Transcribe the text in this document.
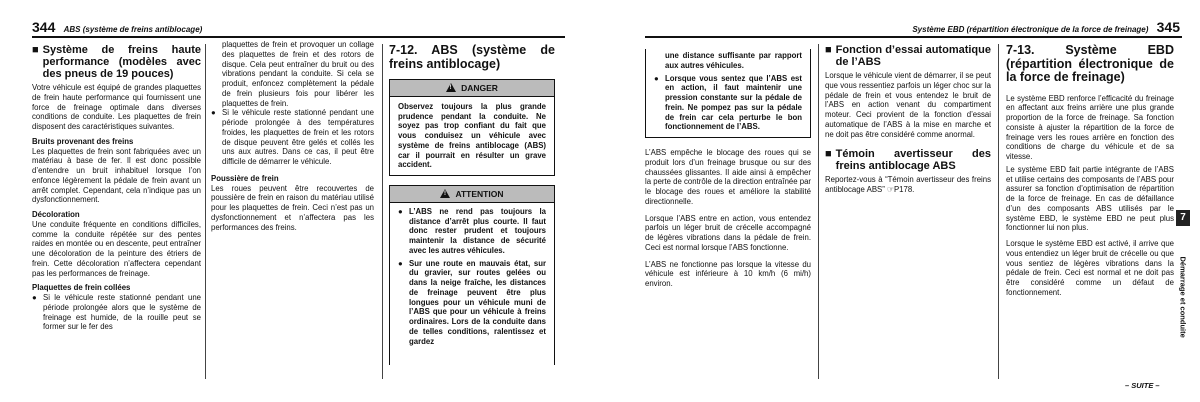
344 ABS (système de freins antiblocage)
■ Système de freins haute performance (modèles avec des pneus de 19 pouces)

Votre véhicule est équipé de grandes plaquettes de frein haute performance qui fournissent une force de freinage optimale dans diverses conditions de conduite. Les plaquettes de frein disposent des caractéristiques suivantes.

Bruits provenant des freins

Les plaquettes de frein sont fabriquées avec un matériau à base de fer. Il est donc possible d’entendre un bruit inhabituel lorsque l’on enfonce légèrement la pédale de frein avant un arrêt complet. Cependant, cela n’indique pas un dysfonctionnement.

Décoloration

Une conduite fréquente en conditions difficiles, comme la conduite répétée sur des pentes raides en montée ou en descente, peut entraîner une décoloration de la peinture des étriers de frein. Cette décoloration n’affectera cependant pas les performances de freinage.

Plaquettes de frein collées
● Si le véhicule reste stationné pendant une période prolongée alors que le système de freinage est humide, de la rouille peut se former sur le fer des

plaquettes de frein et provoquer un collage des plaquettes de frein et des rotors de disque. Cela peut entraîner du bruit ou des vibrations pendant la conduite. Si cela se produit, enfoncez complètement la pédale de frein plusieurs fois pour libérer les plaquettes de frein.

● Si le véhicule reste stationné pendant une période prolongée à des températures froides, les plaquettes de frein et les rotors de disque peuvent être gelés et collés les uns aux autres. Dans ce cas, il peut être difficile de démarrer le véhicule.
Poussière de frein

Les roues peuvent être recouvertes de poussière de frein en raison du matériau utilisé pour les plaquettes de frein. Ceci n’est pas un dysfonctionnement et n’affectera pas les performances des freins.

7-12. ABS (système de freins antiblocage)
!DANGER
Observez toujours la plus grande prudence pendant la conduite. Ne soyez pas trop confiant du fait que vous conduisez un véhicule avec système de freins antiblocage (ABS) car il pourrait en résulter un grave accident.
!ATTENTION
● L’ABS ne rend pas toujours la distance d’arrêt plus courte. Il faut donc rester prudent et toujours maintenir la distance de sécurité avec les autres véhicules.
● Sur une route en mauvais état, sur du gravier, sur routes gelées ou dans la neige fraîche, les distances de freinage peuvent être plus longues pour un véhicule muni de l’ABS que pour un véhicule à freins ordinaires. Lors de la conduite dans de telles conditions, ralentissez et gardez
Système EBD (répartition électronique de la force de freinage) 345
une distance suffisante par rapport aux autres véhicules.
● Lorsque vous sentez que l’ABS est en action, il faut maintenir une pression constante sur la pédale de frein. Ne pompez pas sur la pédale de frein car cela perturbe le bon fonctionnement de l’ABS.

L’ABS empêche le blocage des roues qui se produit lors d’un freinage brusque ou sur des chaussées glissantes. Il aide ainsi à empêcher la perte de contrôle de la direction entraînée par le blocage des roues et améliore la stabilité directionnelle.

Lorsque l’ABS entre en action, vous entendez parfois un léger bruit de crécelle accompagné de légères vibrations dans la pédale de frein. Ceci est normal lorsque l’ABS fonctionne.

L’ABS ne fonctionne pas lorsque la vitesse du véhicule est inférieure à 10 km/h (6 mi/h) environ.

■ Fonction d’essai automatique de l’ABS

Lorsque le véhicule vient de démarrer, il se peut que vous ressentiez parfois un léger choc sur la pédale de frein et vous entendez le bruit de l’ABS en action venant du compartiment moteur. Ceci provient de la fonction d’essai automatique de l’ABS à la mise en marche et ne doit pas être considéré comme anormal.

■ Témoin avertisseur des freins antiblocage ABS

Reportez-vous à “Témoin avertisseur des freins antiblocage ABS” ☞P178.

7-13. Système EBD (répartition électronique de la force de freinage)

Le système EBD renforce l’efficacité du freinage en affectant aux freins arrière une plus grande proportion de la force de freinage. Sa fonction consiste à ajuster la répartition de la force de freinage vers les roues arrière en fonction des conditions de charge du véhicule et de sa vitesse.

Le système EBD fait partie intégrante de l’ABS et utilise certains des composants de l’ABS pour assurer sa fonction d’optimisation de répartition de la force de freinage. En cas de défaillance d’un des composants ABS utilisés par le système EBD, le système EBD ne peut plus fonctionner lui non plus.

Lorsque le système EBD est activé, il arrive que vous entendiez un léger bruit de crécelle ou que vous sentiez de légères vibrations dans la pédale de frein. Ceci est normal et ne doit pas être considéré comme un défaut de fonctionnement.

7
Démarrage et conduite
– SUITE –
